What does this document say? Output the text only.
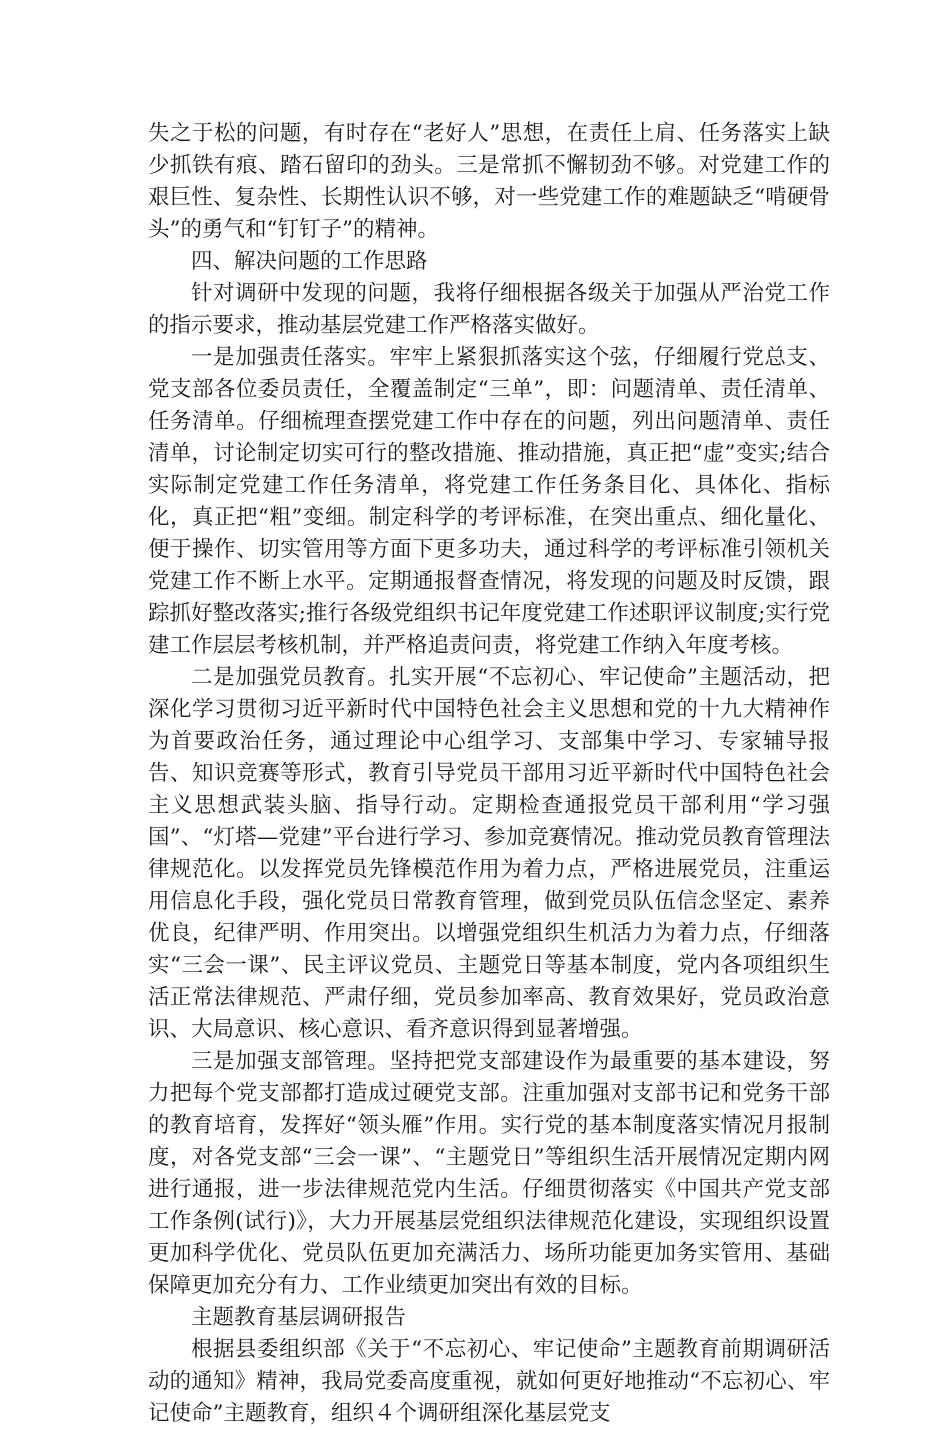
失之于松的问题，有时存在“老好人”思想，在责任上肩、任务落实上缺少抓铁有痕、踏石留印的劲头。三是常抓不懈韧劲不够。对党建工作的艰巨性、复杂性、长期性认识不够，对一些党建工作的难题缺乏“啃硬骨头”的勇气和“钉钉子”的精神。

四、解决问题的工作思路

针对调研中发现的问题，我将仔细根据各级关于加强从严治党工作的指示要求，推动基层党建工作严格落实做好。

一是加强责任落实。牢牢上紧狠抓落实这个弦，仔细履行党总支、党支部各位委员责任，全覆盖制定“三单”，即：问题清单、责任清单、任务清单。仔细梳理查摆党建工作中存在的问题，列出问题清单、责任清单，讨论制定切实可行的整改措施、推动措施，真正把“虚”变实;结合实际制定党建工作任务清单，将党建工作任务条目化、具体化、指标化，真正把“粗”变细。制定科学的考评标准，在突出重点、细化量化、便于操作、切实管用等方面下更多功夫，通过科学的考评标准引领机关党建工作不断上水平。定期通报督查情况，将发现的问题及时反馈，跟踪抓好整改落实;推行各级党组织书记年度党建工作述职评议制度;实行党建工作层层考核机制，并严格追责问责，将党建工作纳入年度考核。

二是加强党员教育。扎实开展“不忘初心、牢记使命”主题活动，把深化学习贯彻习近平新时代中国特色社会主义思想和党的十九大精神作为首要政治任务，通过理论中心组学习、支部集中学习、专家辅导报告、知识竞赛等形式，教育引导党员干部用习近平新时代中国特色社会主义思想武装头脑、指导行动。定期检查通报党员干部利用“学习强国”、“灯塔—党建”平台进行学习、参加竞赛情况。推动党员教育管理法律规范化。以发挥党员先锋模范作用为着力点，严格进展党员，注重运用信息化手段，强化党员日常教育管理，做到党员队伍信念坚定、素养优良，纪律严明、作用突出。以增强党组织生机活力为着力点，仔细落实“三会一课”、民主评议党员、主题党日等基本制度，党内各项组织生活正常法律规范、严肃仔细，党员参加率高、教育效果好，党员政治意识、大局意识、核心意识、看齐意识得到显著增强。

三是加强支部管理。坚持把党支部建设作为最重要的基本建设，努力把每个党支部都打造成过硬党支部。注重加强对支部书记和党务干部的教育培育，发挥好“领头雁”作用。实行党的基本制度落实情况月报制度，对各党支部“三会一课”、“主题党日”等组织生活开展情况定期内网进行通报，进一步法律规范党内生活。仔细贯彻落实《中国共产党支部工作条例(试行)》，大力开展基层党组织法律规范化建设，实现组织设置更加科学优化、党员队伍更加充满活力、场所功能更加务实管用、基础保障更加充分有力、工作业绩更加突出有效的目标。

主题教育基层调研报告

根据县委组织部《关于“不忘初心、牢记使命”主题教育前期调研活动的通知》精神，我局党委高度重视，就如何更好地推动“不忘初心、牢记使命”主题教育，组织４个调研组深化基层党支
